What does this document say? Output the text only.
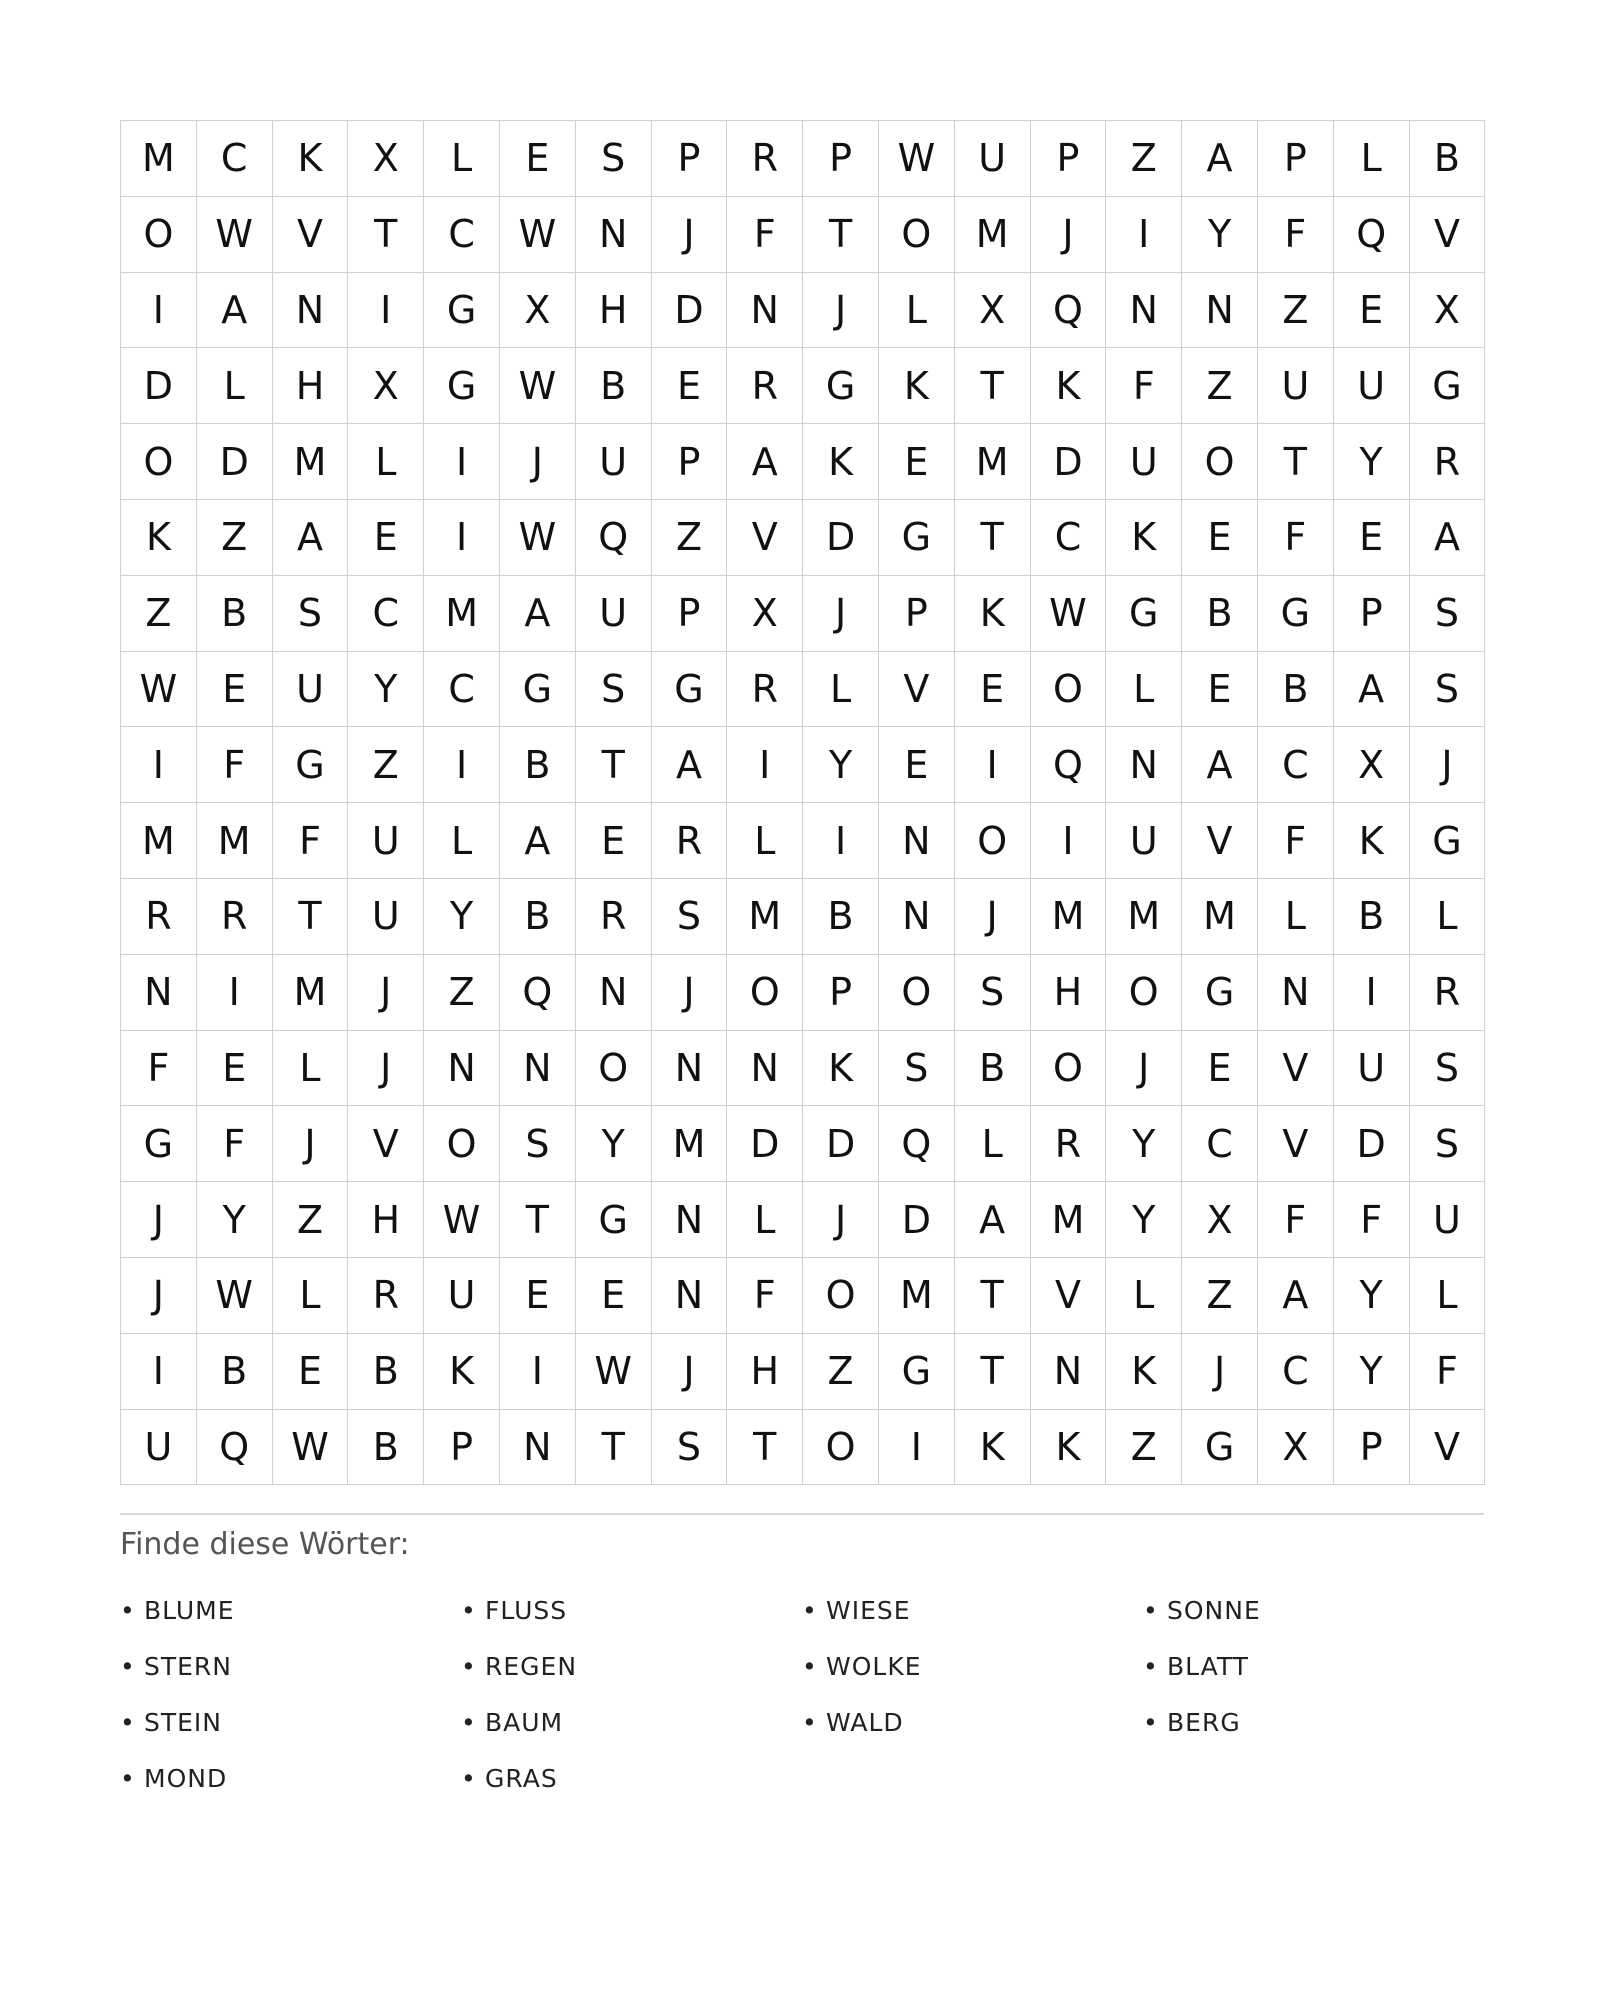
M	C	K	X	L	E	S	P	R	P	W	U	P	Z	A	P	L	B
O	W	V	T	C	W	N	J	F	T	O	M	J	I	Y	F	Q	V
I	A	N	I	G	X	H	D	N	J	L	X	Q	N	N	Z	E	X
D	L	H	X	G	W	B	E	R	G	K	T	K	F	Z	U	U	G
O	D	M	L	I	J	U	P	A	K	E	M	D	U	O	T	Y	R
K	Z	A	E	I	W	Q	Z	V	D	G	T	C	K	E	F	E	A
Z	B	S	C	M	A	U	P	X	J	P	K	W	G	B	G	P	S
W	E	U	Y	C	G	S	G	R	L	V	E	O	L	E	B	A	S
I	F	G	Z	I	B	T	A	I	Y	E	I	Q	N	A	C	X	J
M	M	F	U	L	A	E	R	L	I	N	O	I	U	V	F	K	G
R	R	T	U	Y	B	R	S	M	B	N	J	M	M	M	L	B	L
N	I	M	J	Z	Q	N	J	O	P	O	S	H	O	G	N	I	R
F	E	L	J	N	N	O	N	N	K	S	B	O	J	E	V	U	S
G	F	J	V	O	S	Y	M	D	D	Q	L	R	Y	C	V	D	S
J	Y	Z	H	W	T	G	N	L	J	D	A	M	Y	X	F	F	U
J	W	L	R	U	E	E	N	F	O	M	T	V	L	Z	A	Y	L
I	B	E	B	K	I	W	J	H	Z	G	T	N	K	J	C	Y	F
U	Q	W	B	P	N	T	S	T	O	I	K	K	Z	G	X	P	V
Finde diese Wörter:
• BLUME	• FLUSS	• WIESE	• SONNE
• STERN	• REGEN	• WOLKE	• BLATT
• STEIN	• BAUM	• WALD	• BERG
• MOND	• GRAS
